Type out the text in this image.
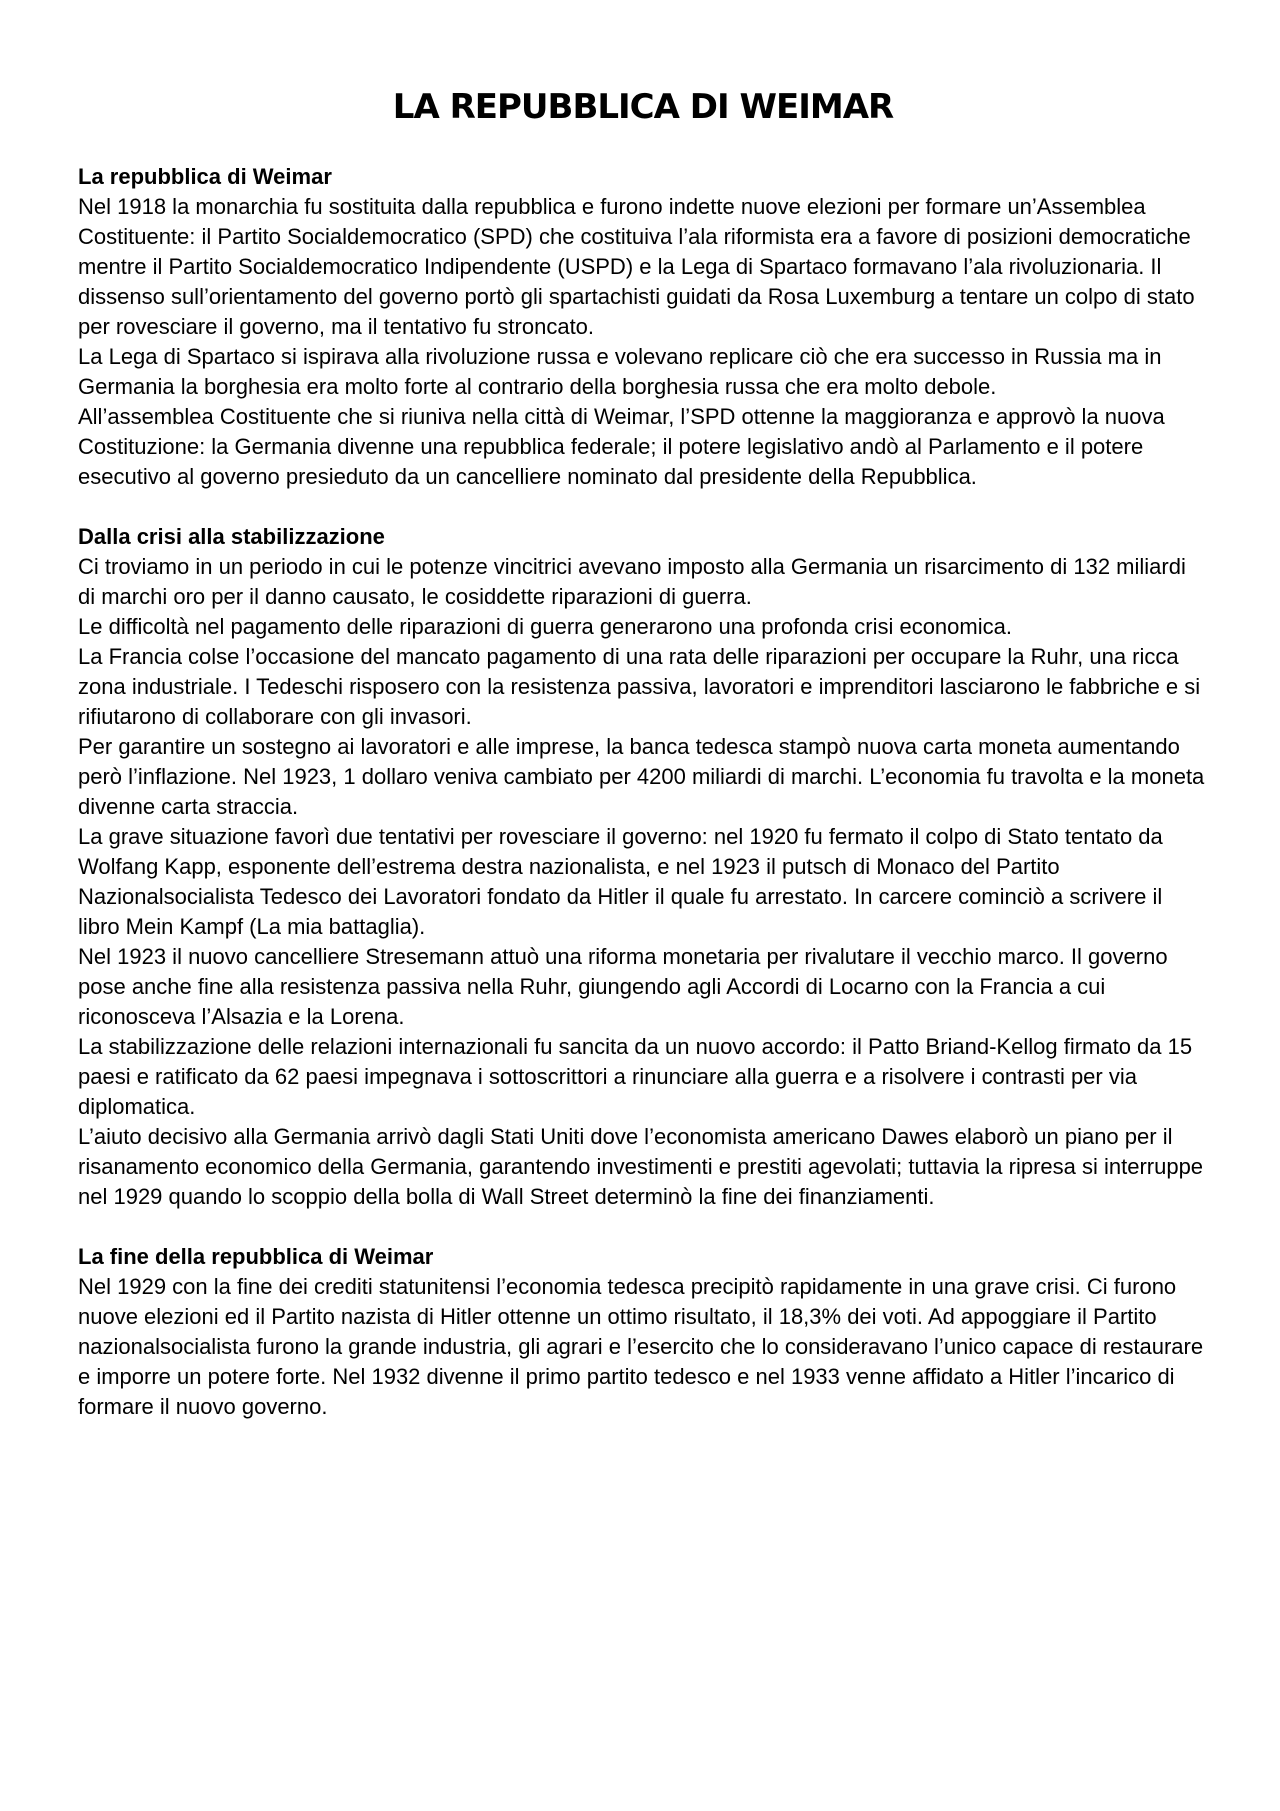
LA REPUBBLICA DI WEIMAR
La repubblica di Weimar

Nel 1918 la monarchia fu sostituita dalla repubblica e furono indette nuove elezioni per formare un’Assemblea Costituente: il Partito Socialdemocratico (SPD) che costituiva l’ala riformista era a favore di posizioni democratiche mentre il Partito Socialdemocratico Indipendente (USPD) e la Lega di Spartaco formavano l’ala rivoluzionaria. Il dissenso sull’orientamento del governo portò gli spartachisti guidati da Rosa Luxemburg a tentare un colpo di stato per rovesciare il governo, ma il tentativo fu stroncato.

La Lega di Spartaco si ispirava alla rivoluzione russa e volevano replicare ciò che era successo in Russia ma in Germania la borghesia era molto forte al contrario della borghesia russa che era molto debole.

All’assemblea Costituente che si riuniva nella città di Weimar, l’SPD ottenne la maggioranza e approvò la nuova Costituzione: la Germania divenne una repubblica federale; il potere legislativo andò al Parlamento e il potere esecutivo al governo presieduto da un cancelliere nominato dal presidente della Repubblica.

Dalla crisi alla stabilizzazione

Ci troviamo in un periodo in cui le potenze vincitrici avevano imposto alla Germania un risarcimento di 132 miliardi di marchi oro per il danno causato, le cosiddette riparazioni di guerra.

Le difficoltà nel pagamento delle riparazioni di guerra generarono una profonda crisi economica.

La Francia colse l’occasione del mancato pagamento di una rata delle riparazioni per occupare la Ruhr, una ricca zona industriale. I Tedeschi risposero con la resistenza passiva, lavoratori e imprenditori lasciarono le fabbriche e si rifiutarono di collaborare con gli invasori.

Per garantire un sostegno ai lavoratori e alle imprese, la banca tedesca stampò nuova carta moneta aumentando però l’inflazione. Nel 1923, 1 dollaro veniva cambiato per 4200 miliardi di marchi. L’economia fu travolta e la moneta divenne carta straccia.

La grave situazione favorì due tentativi per rovesciare il governo: nel 1920 fu fermato il colpo di Stato tentato da Wolfang Kapp, esponente dell’estrema destra nazionalista, e nel 1923 il putsch di Monaco del Partito Nazionalsocialista Tedesco dei Lavoratori fondato da Hitler il quale fu arrestato. In carcere cominciò a scrivere il libro Mein Kampf (La mia battaglia).

Nel 1923 il nuovo cancelliere Stresemann attuò una riforma monetaria per rivalutare il vecchio marco. Il governo pose anche fine alla resistenza passiva nella Ruhr, giungendo agli Accordi di Locarno con la Francia a cui riconosceva l’Alsazia e la Lorena.

La stabilizzazione delle relazioni internazionali fu sancita da un nuovo accordo: il Patto Briand-Kellog firmato da 15 paesi e ratificato da 62 paesi impegnava i sottoscrittori a rinunciare alla guerra e a risolvere i contrasti per via diplomatica.

L’aiuto decisivo alla Germania arrivò dagli Stati Uniti dove l’economista americano Dawes elaborò un piano per il risanamento economico della Germania, garantendo investimenti e prestiti agevolati; tuttavia la ripresa si interruppe nel 1929 quando lo scoppio della bolla di Wall Street determinò la fine dei finanziamenti.

La fine della repubblica di Weimar

Nel 1929 con la fine dei crediti statunitensi l’economia tedesca precipitò rapidamente in una grave crisi. Ci furono nuove elezioni ed il Partito nazista di Hitler ottenne un ottimo risultato, il 18,3% dei voti. Ad appoggiare il Partito nazionalsocialista furono la grande industria, gli agrari e l’esercito che lo consideravano l’unico capace di restaurare e imporre un potere forte. Nel 1932 divenne il primo partito tedesco e nel 1933 venne affidato a Hitler l’incarico di formare il nuovo governo.
